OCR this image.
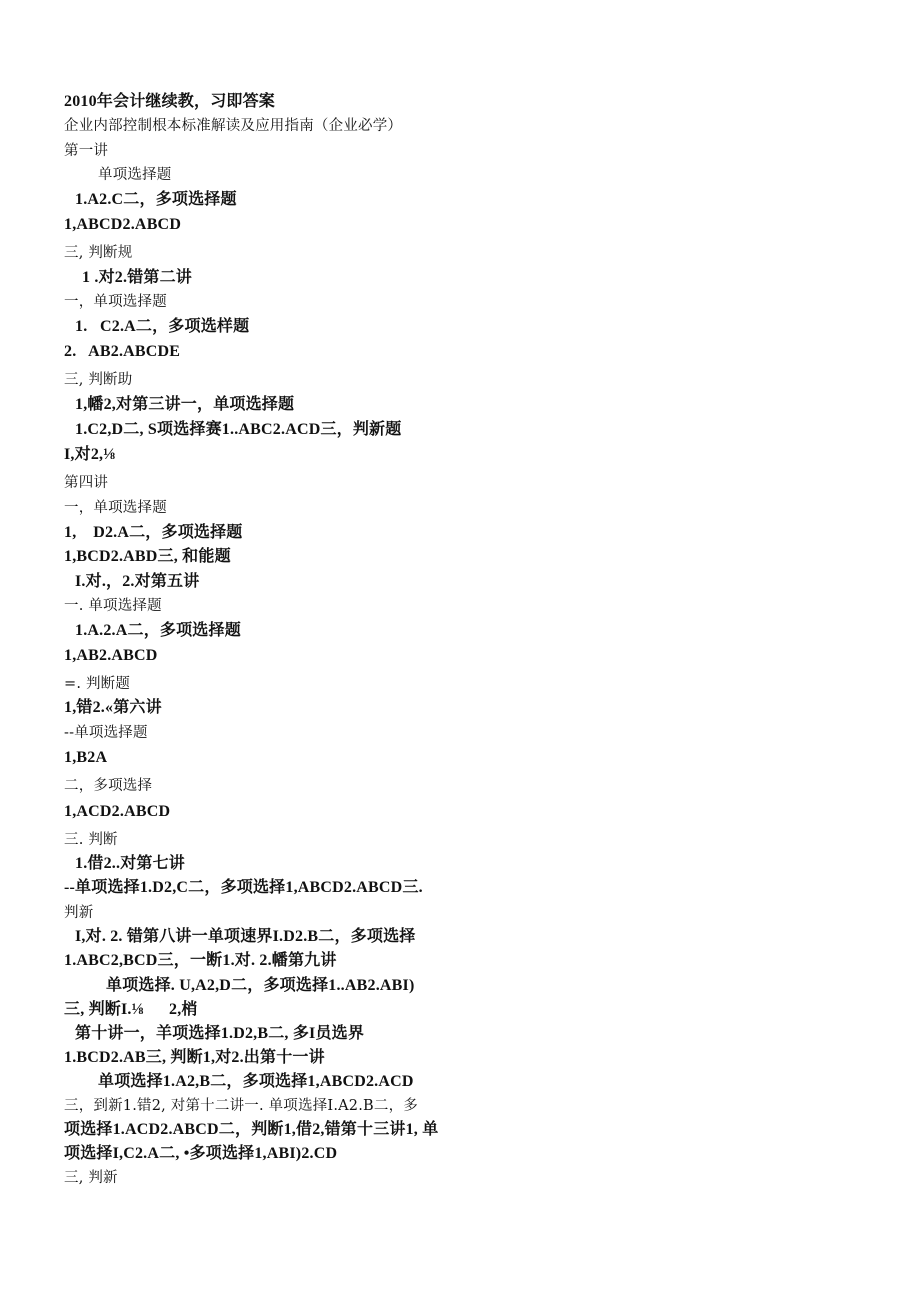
2010年会计继续教，习即答案
企业内部控制根本标准解读及应用指南（企业必学）
第一讲
单项选择题
1.A2.C二，多项选择题
1,ABCD2.ABCD
三, 判断规
1 .对2.错第二讲
一，单项选择题
1.   C2.A二，多项选样题
2.   AB2.ABCDE
三, 判断助
1,幡2,对第三讲一，单项选择题
1.C2,D二, S项选择赛1..ABC2.ACD三，判新题
I,对2,⅛
第四讲
一，单项选择题
1,    D2.A二，多项选择题
1,BCD2.ABD三, 和能题
I.对.，2.对第五讲
一. 单项选择题
1.A.2.A二，多项选择题
1,AB2.ABCD
=. 判断题
1,错2.«第六讲
--单项选择题
1,B2A
二，多项选择
1,ACD2.ABCD
三. 判断
1.借2..对第七讲
--单项选择1.D2,C二，多项选择1,ABCD2.ABCD三.
判新
I,对. 2. 错第八讲一单项速界I.D2.B二，多项选择
1.ABC2,BCD三，一断1.对. 2.幡第九讲
单项选择. U,A2,D二，多项选择1..AB2.ABI)
三, 判断I.⅛      2,梢
第十讲一，羊项选择1.D2,B二, 多I员选界
1.BCD2.AB三, 判断1,对2.出第十一讲
单项选择1.A2,B二，多项选择1,ABCD2.ACD
三，到新1.错2, 对第十二讲一. 单项选择I.A2.B二，多
项选择1.ACD2.ABCD二，判断1,借2,错第十三讲1, 单
项选择I,C2.A二, •多项选择1,ABI)2.CD
三, 判新
